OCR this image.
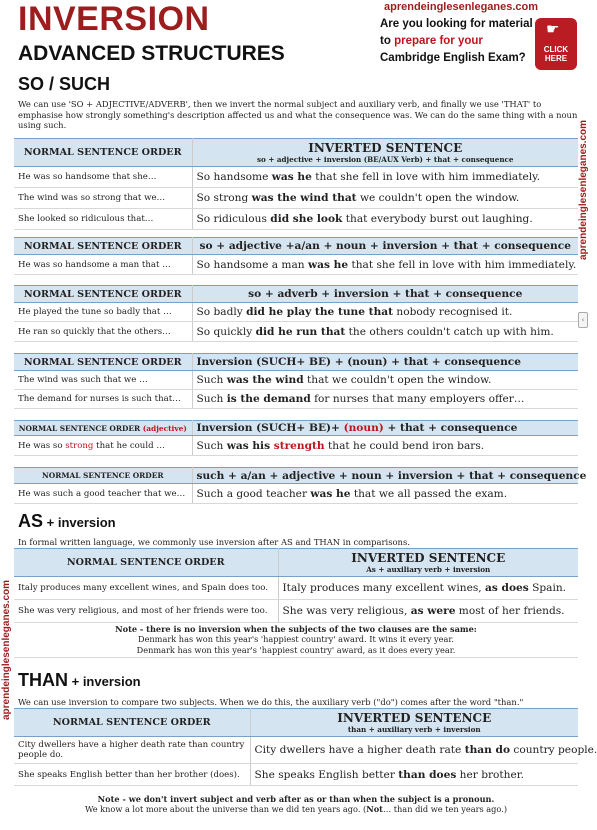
INVERSION
ADVANCED STRUCTURES
aprendeinglesenleganes.com
Are you looking for material
to prepare for your
Cambridge English Exam?
☛
CLICK HERE
aprendeinglesenleganes.com
aprendeinglesenleganes.com
‹
SO / SUCH
We can use 'SO + ADJECTIVE/ADVERB', then we invert the normal subject and auxiliary verb, and finally we use 'THAT' to emphasise how strongly something's description affected us and what the consequence was. We can do the same thing with a noun using such.
NORMAL SENTENCE ORDER	INVERTED SENTENCE
so + adjective + inversion (BE/AUX Verb) + that + consequence

He was so handsome that she…	So handsome was he that she fell in love with him immediately.
The wind was so strong that we…	So strong was the wind that we couldn't open the window.
She looked so ridiculous that…	So ridiculous did she look that everybody burst out laughing.
NORMAL SENTENCE ORDER	so + adjective +a/an + noun + inversion + that + consequence
He was so handsome a man that …	So handsome a man was he that she fell in love with him immediately.
NORMAL SENTENCE ORDER	so + adverb + inversion + that + consequence
He played the tune so badly that …	So badly did he play the tune that nobody recognised it.
He ran so quickly that the others…	So quickly did he run that the others couldn't catch up with him.
NORMAL SENTENCE ORDER	Inversion (SUCH+ BE) + (noun) + that + consequence
The wind was such that we …	Such was the wind that we couldn't open the window.
The demand for nurses is such that…	Such is the demand for nurses that many employers offer…
NORMAL SENTENCE ORDER (adjective)	Inversion (SUCH+ BE)+ (noun) + that + consequence
He was so strong that he could …	Such was his strength that he could bend iron bars.
NORMAL SENTENCE ORDER	such + a/an + adjective + noun + inversion + that + consequence
He was such a good teacher that we…	Such a good teacher was he that we all passed the exam.
AS + inversion
In formal written language, we commonly use inversion after AS and THAN in comparisons.
NORMAL SENTENCE ORDER	INVERTED SENTENCE
As + auxiliary verb + inversion

Italy produces many excellent wines, and Spain does too.	Italy produces many excellent wines, as does Spain.
She was very religious, and most of her friends were too.	She was very religious, as were most of her friends.
Note - there is no inversion when the subjects of the two clauses are the same:
Denmark has won this year's 'happiest country' award. It wins it every year.
Denmark has won this year's 'happiest country' award, as it does every year.
THAN + inversion
We can use inversion to compare two subjects. When we do this, the auxiliary verb ("do") comes after the word "than."
NORMAL SENTENCE ORDER	INVERTED SENTENCE
than + auxiliary verb + inversion

City dwellers have a higher death rate than country people do.	City dwellers have a higher death rate than do country people.
She speaks English better than her brother (does).	She speaks English better than does her brother.
Note - we don't invert subject and verb after as or than when the subject is a pronoun.
We know a lot more about the universe than we did ten years ago. (Not… than did we ten years ago.)
